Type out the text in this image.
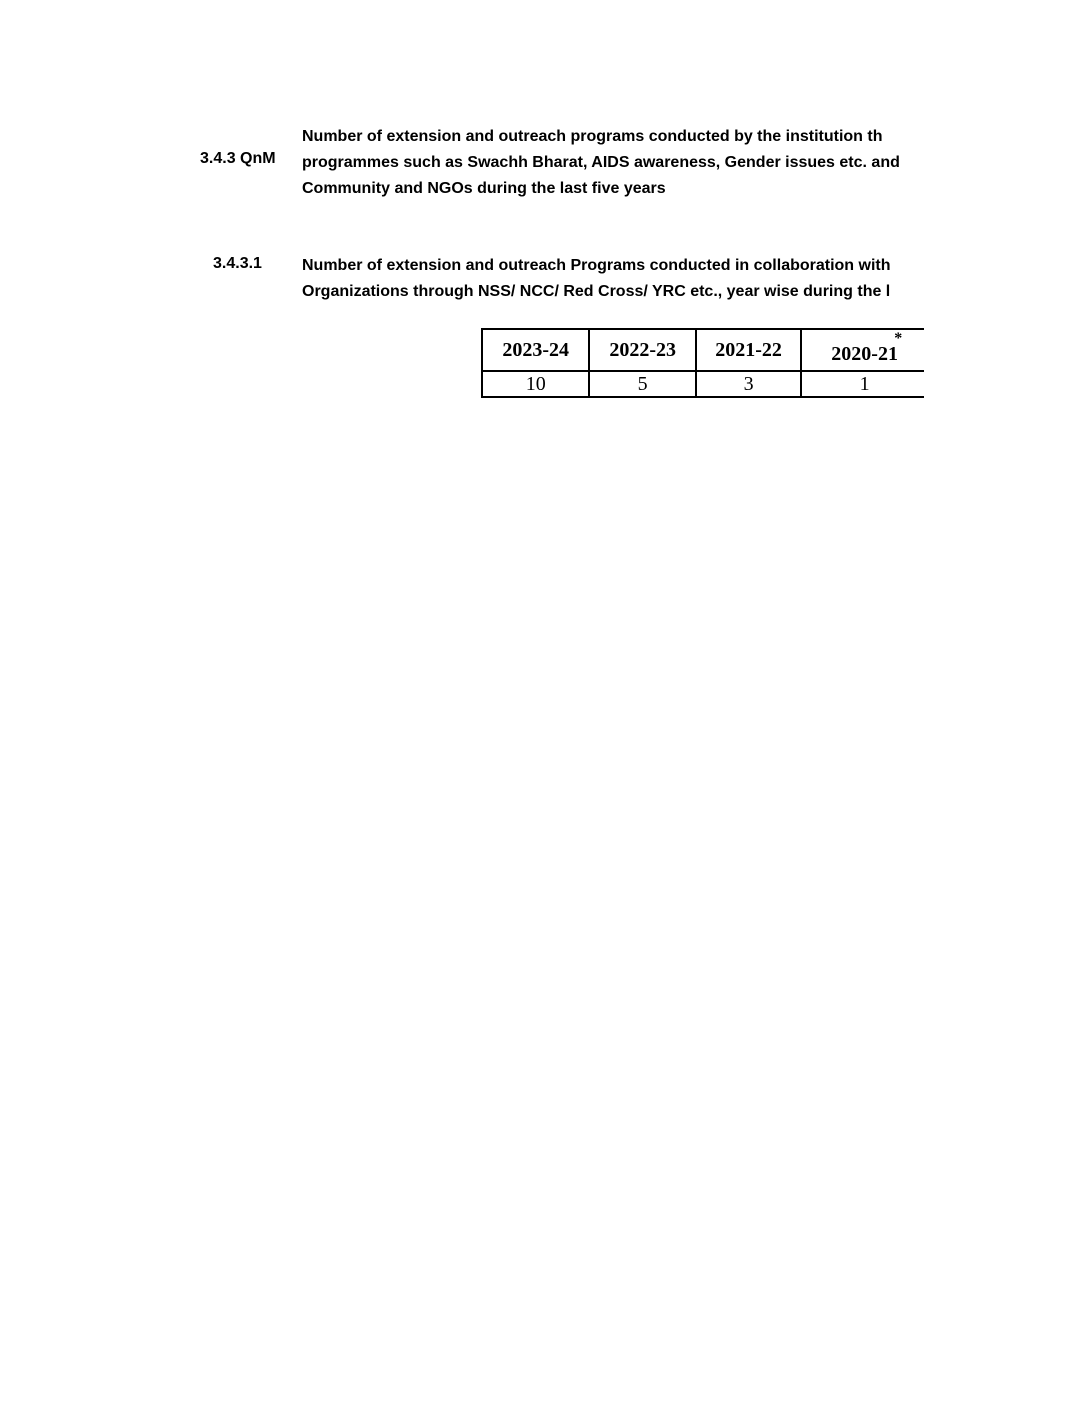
3.4.3 QnM
Number of extension and outreach programs conducted by the institution th
programmes such as Swachh Bharat, AIDS awareness, Gender issues etc. and
Community and NGOs during the last five years
3.4.3.1	Number of extension and outreach Programs conducted in collaboration with
Organizations through NSS/ NCC/ Red Cross/ YRC etc., year wise during the l
2023-24	2022-23	2021-22	2020-21
*

10	5	3	1
